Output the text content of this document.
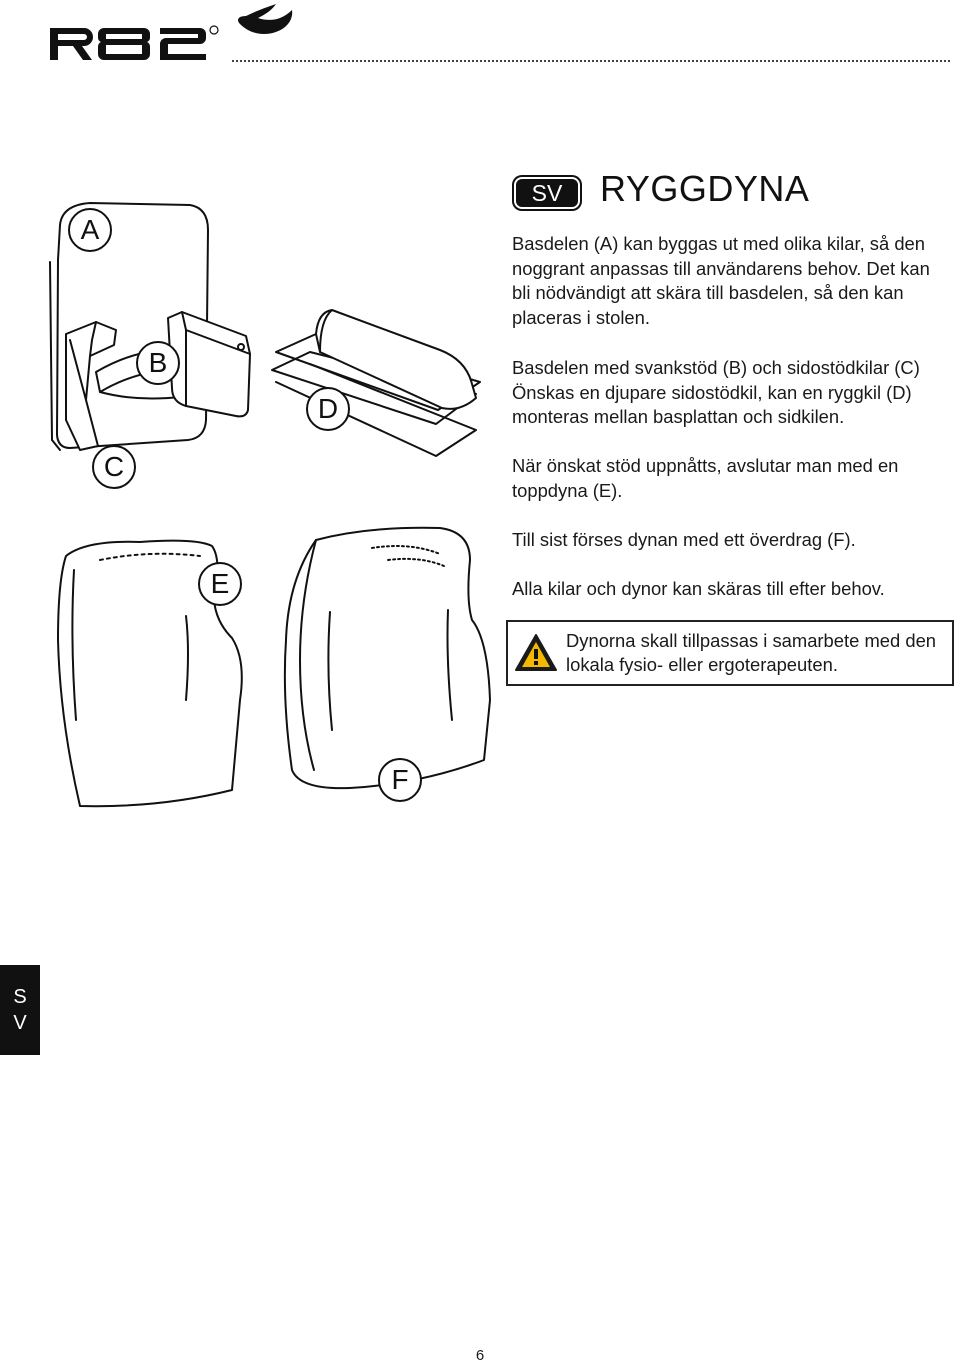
SV	RYGGDYNA

Basdelen (A) kan byggas ut med olika kilar, så den noggrant anpassas till användarens behov. Det kan bli nödvändigt att skära till basdelen, så den kan placeras i stolen.

Basdelen med svankstöd (B) och sidostödkilar (C) Önskas en djupare sidostödkil, kan en ryggkil (D) monteras mellan basplattan och sidkilen.

När önskat stöd uppnåtts, avslutar man med en toppdyna (E).

Till sist förses dynan med ett överdrag (F).

Alla kilar och dynor kan skäras till efter behov.

Dynorna skall tillpassas i samarbete med den lokala fysio- eller ergoterapeuten.
A
B
C
D
E
F
S
V
6
